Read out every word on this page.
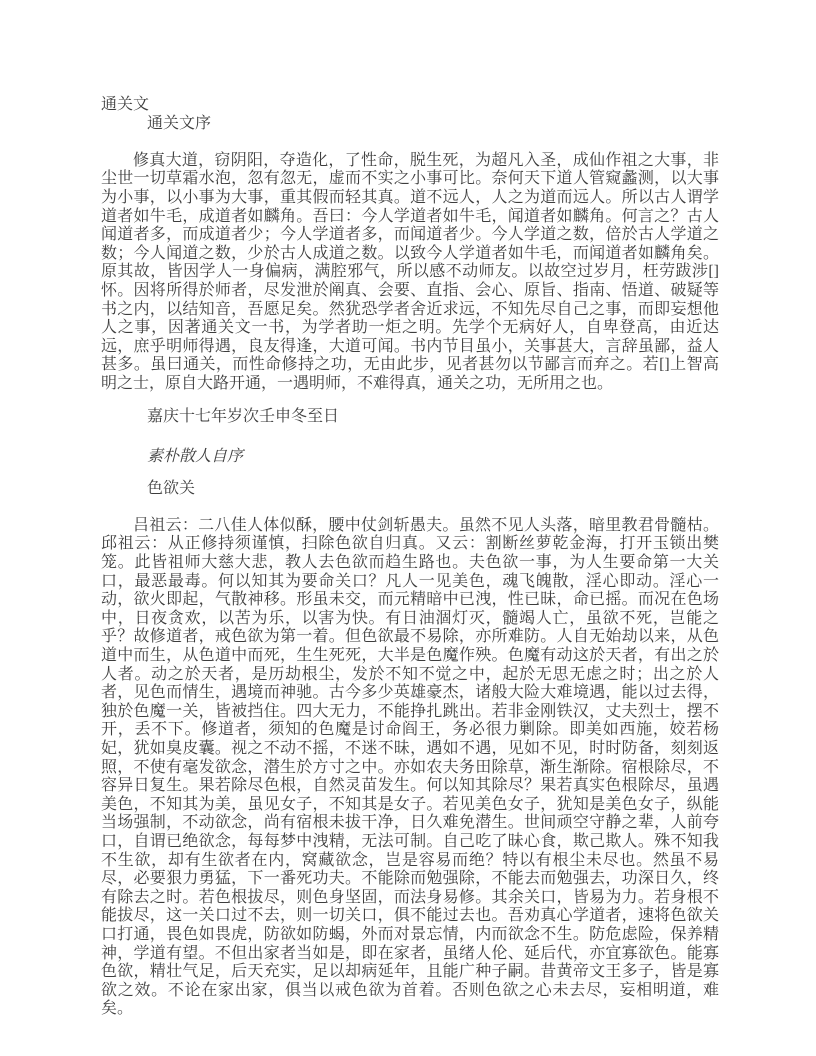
通关文
通关文序

修真大道，窃阴阳，夺造化，了性命，脱生死，为超凡入圣，成仙作祖之大事，非尘世一切草霜水泡，忽有忽无，虚而不实之小事可比。奈何天下道人管窥蠡测，以大事为小事，以小事为大事，重其假而轻其真。道不远人，人之为道而远人。所以古人谓学道者如牛毛，成道者如麟角。吾曰：今人学道者如牛毛，闻道者如麟角。何言之？古人闻道者多，而成道者少；今人学道者多，而闻道者少。今人学道之数，倍於古人学道之数；今人闻道之数，少於古人成道之数。以致今人学道者如牛毛，而闻道者如麟角矣。原其故，皆因学人一身偏病，满腔邪气，所以感不动师友。以故空过岁月，枉劳跋涉[]怀。因将所得於师者，尽发泄於阐真、会要、直指、会心、原旨、指南、悟道、破疑等书之内，以结知音，吾愿足矣。然犹恐学者舍近求远，不知先尽自己之事，而即妄想他人之事，因著通关文一书，为学者助一炬之明。先学个无病好人，自卑登高，由近达远，庶乎明师得遇，良友得逢，大道可闻。书内节目虽小，关事甚大，言辞虽鄙，益人甚多。虽曰通关，而性命修持之功，无由此步，见者甚勿以节鄙言而弃之。若[]上智高明之士，原自大路开通，一遇明师，不难得真，通关之功，无所用之也。

嘉庆十七年岁次壬申冬至日
素朴散人自序
色欲关

吕祖云：二八佳人体似酥，腰中仗剑斩愚夫。虽然不见人头落，暗里教君骨髓枯。邱祖云：从正修持须谨慎，扫除色欲自归真。又云：割断丝萝乾金海，打开玉锁出樊笼。此皆祖师大慈大悲，教人去色欲而趋生路也。夫色欲一事，为人生要命第一大关口，最恶最毒。何以知其为要命关口？凡人一见美色，魂飞魄散，淫心即动。淫心一动，欲火即起，气散神移。形虽未交，而元精暗中已洩，性已昧，命已摇。而况在色场中，日夜贪欢，以苦为乐，以害为快。有日油涸灯灭，髓竭人亡，虽欲不死，岂能之乎？故修道者，戒色欲为第一着。但色欲最不易除，亦所难防。人自无始劫以来，从色道中而生，从色道中而死，生生死死，大半是色魔作殃。色魔有动这於天者，有出之於人者。动之於天者，是历劫根尘，发於不知不觉之中，起於无思无虑之时；出之於人者，见色而情生，遇境而神驰。古今多少英雄豪杰，诸般大险大难境遇，能以过去得，独於色魔一关，皆被挡住。四大无力，不能挣扎跳出。若非金刚铁汉，丈夫烈士，摆不开，丢不下。修道者，须知的色魔是讨命阎王，务必很力剿除。即美如西施，姣若杨妃，犹如臭皮囊。视之不动不摇，不迷不昧，遇如不遇，见如不见，时时防备，刻刻返照，不使有毫发欲念，潜生於方寸之中。亦如农夫务田除草，渐生渐除。宿根除尽，不容异日复生。果若除尽色根，自然灵苗发生。何以知其除尽？果若真实色根除尽，虽遇美色，不知其为美，虽见女子，不知其是女子。若见美色女子，犹知是美色女子，纵能当场强制，不动欲念，尚有宿根未拔干净，日久难免潜生。世间顽空守静之辈，人前夸口，自谓已绝欲念，每每梦中洩精，无法可制。自己吃了昧心食，欺己欺人。殊不知我不生欲，却有生欲者在内，窝藏欲念，岂是容易而绝？特以有根尘未尽也。然虽不易尽，必要狠力勇猛，下一番死功夫。不能除而勉强除，不能去而勉强去，功深日久，终有除去之时。若色根拔尽，则色身坚固，而法身易修。其余关口，皆易为力。若身根不能拔尽，这一关口过不去，则一切关口，俱不能过去也。吾劝真心学道者，速将色欲关口打通，畏色如畏虎，防欲如防蝎，外而对景忘情，内而欲念不生。防危虑险，保养精神，学道有望。不但出家者当如是，即在家者，虽绪人伦、延后代，亦宜寡欲色。能寡色欲，精壮气足，后天充实，足以却病延年，且能广种子嗣。昔黄帝文王多子，皆是寡欲之效。不论在家出家，俱当以戒色欲为首着。否则色欲之心未去尽，妄相明道，难矣。
